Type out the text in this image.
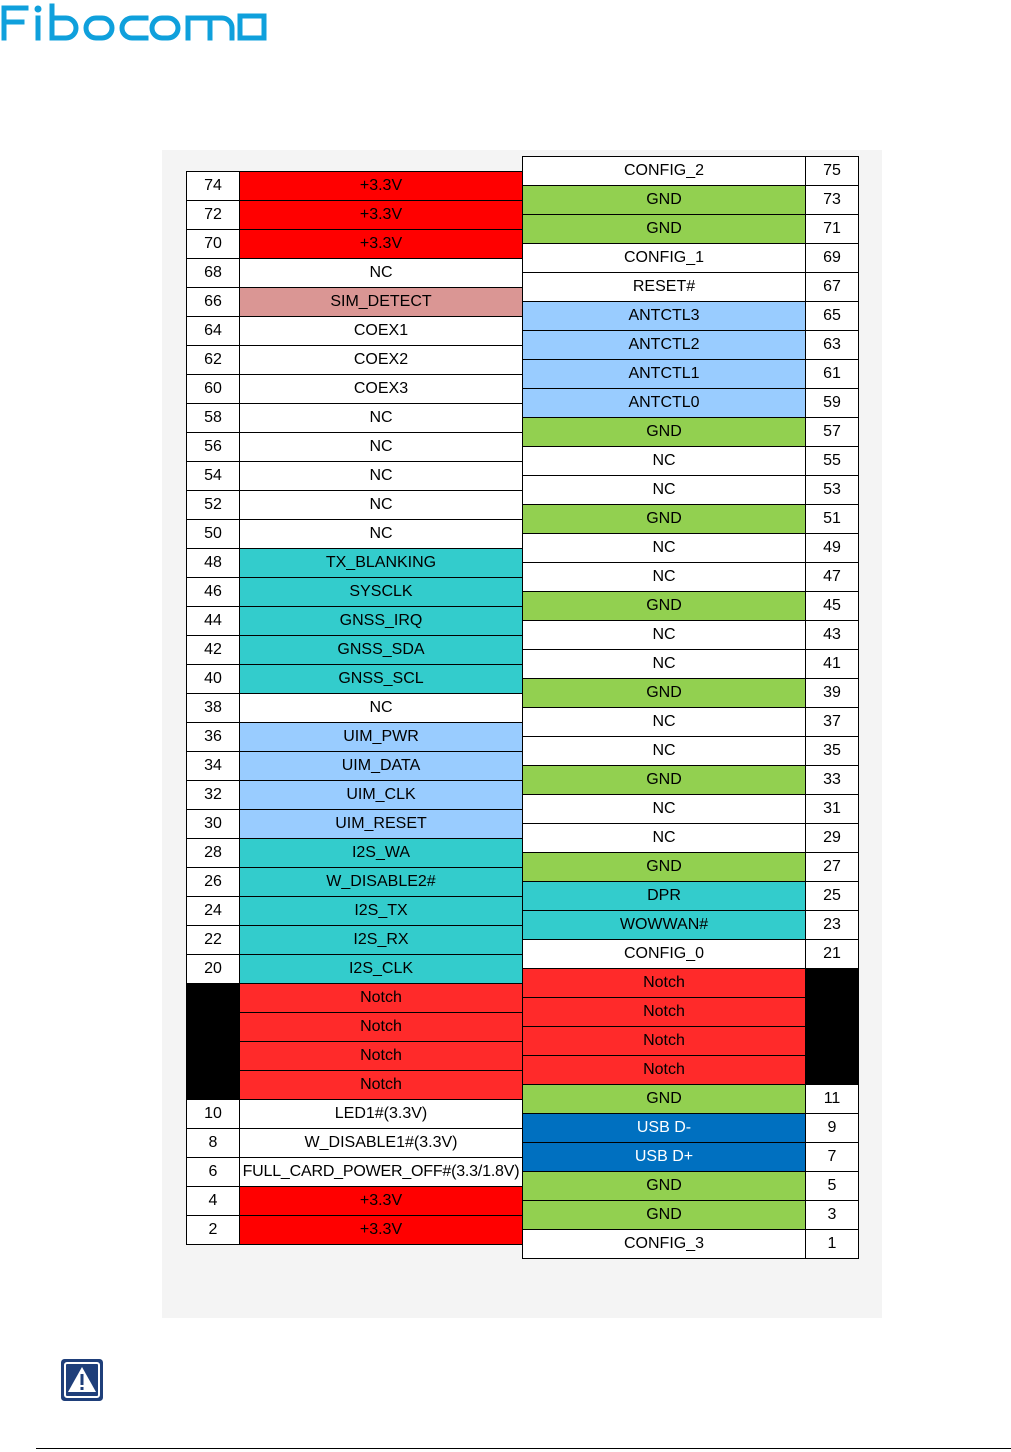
74	+3.3V
72	+3.3V
70	+3.3V
68	NC
66	SIM_DETECT
64	COEX1
62	COEX2
60	COEX3
58	NC
56	NC
54	NC
52	NC
50	NC
48	TX_BLANKING
46	SYSCLK
44	GNSS_IRQ
42	GNSS_SDA
40	GNSS_SCL
38	NC
36	UIM_PWR
34	UIM_DATA
32	UIM_CLK
30	UIM_RESET
28	I2S_WA
26	W_DISABLE2#
24	I2S_TX
22	I2S_RX
20	I2S_CLK
	Notch
	Notch
	Notch
	Notch
10	LED1#(3.3V)
8	W_DISABLE1#(3.3V)
6	FULL_CARD_POWER_OFF#(3.3/1.8V)
4	+3.3V
2	+3.3V
CONFIG_2	75
GND	73
GND	71
CONFIG_1	69
RESET#	67
ANTCTL3	65
ANTCTL2	63
ANTCTL1	61
ANTCTL0	59
GND	57
NC	55
NC	53
GND	51
NC	49
NC	47
GND	45
NC	43
NC	41
GND	39
NC	37
NC	35
GND	33
NC	31
NC	29
GND	27
DPR	25
WOWWAN#	23
CONFIG_0	21
Notch	
Notch	
Notch	
Notch	
GND	11
USB D-	9
USB D+	7
GND	5
GND	3
CONFIG_3	1
